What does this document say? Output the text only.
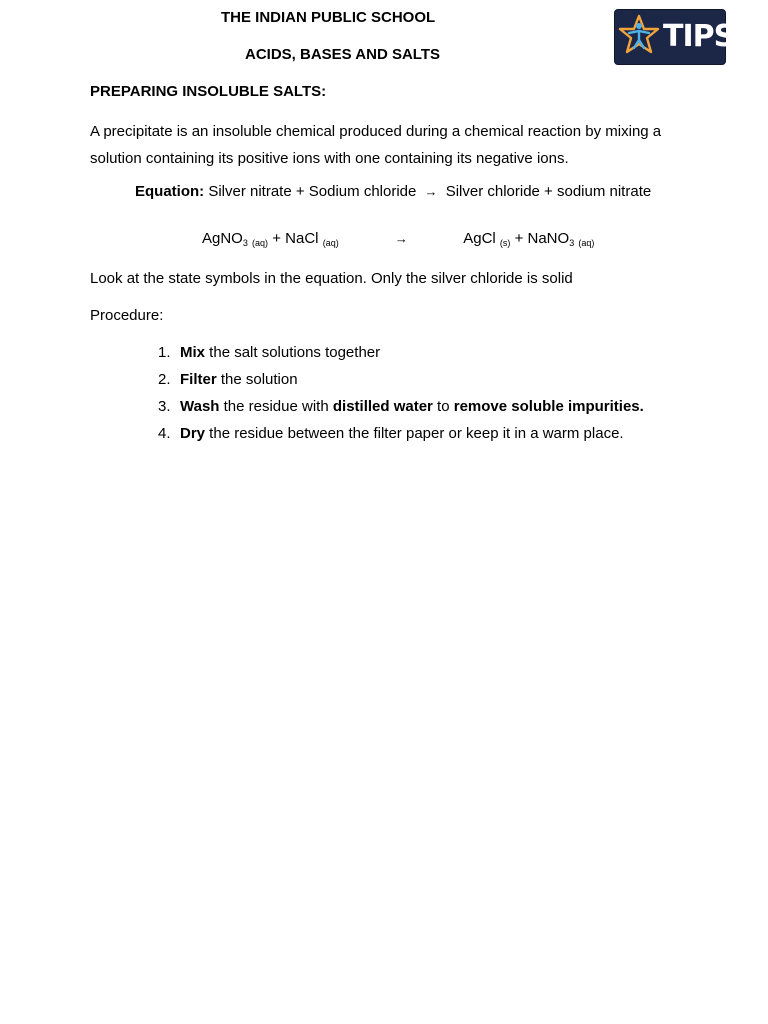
THE INDIAN PUBLIC SCHOOL
ACIDS, BASES AND SALTS
TIPS
PREPARING INSOLUBLE SALTS:
A precipitate is an insoluble chemical produced during a chemical reaction by mixing a solution containing its positive ions with one containing its negative ions.
Equation: Silver nitrate + Sodium chloride → Silver chloride + sodium nitrate
AgNO$_3$ $_{(aq)}$ + NaCl $_{(aq)}$	→	AgCl $_{(s)}$ + NaNO$_3$ $_{(aq)}$
Look at the state symbols in the equation. Only the silver chloride is solid
Procedure:
1. Mix the salt solutions together
2. Filter the solution
3. Wash the residue with distilled water to remove soluble impurities.
4. Dry the residue between the filter paper or keep it in a warm place.
